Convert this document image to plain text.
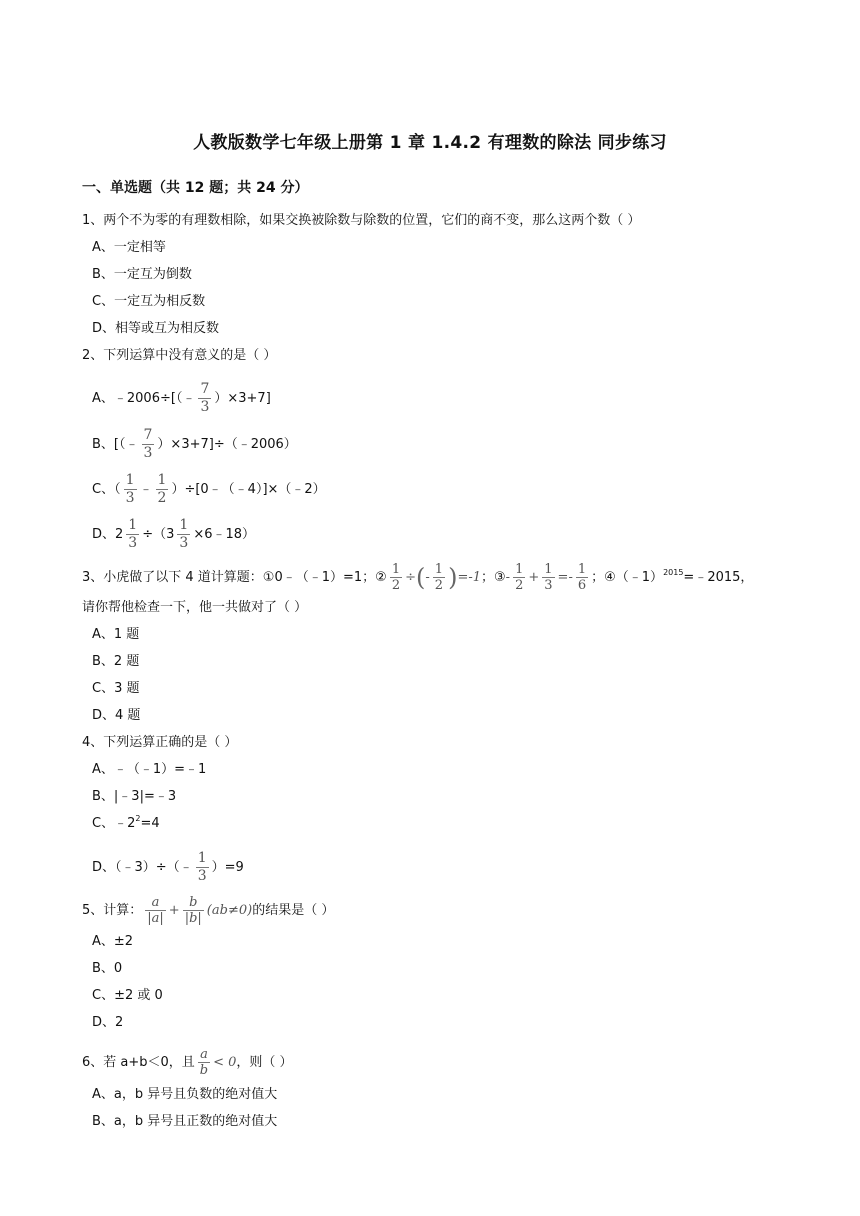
人教版数学七年级上册第 1 章 1.4.2 有理数的除法 同步练习
一、单选题（共 12 题；共 24 分）
1、两个不为零的有理数相除，如果交换被除数与除数的位置，它们的商不变，那么这两个数（ ）
A、一定相等
B、一定互为倒数
C、一定互为相反数
D、相等或互为相反数
2、下列运算中没有意义的是（ ）
A、﹣2006÷[（﹣ $\frac{7}{3} )\times 3+7$]
B、[（﹣ $\frac{7}{3}$ ）×3+7]÷（﹣2006）
C、（ $\frac{1}{3}$ ﹣ $\frac{1}{2}$ ）÷[0﹣（﹣4）]×（﹣2）
D、$2 \frac{1}{3} \div(3 \frac{1}{3}$ ×6﹣18）
3、小虎做了以下 4 道计算题：①0﹣（﹣1）=1；② $\frac{1}{2}$ ÷(- $\frac{1}{2} )=-1$；③- $\frac{1}{2} + \frac{1}{3} =- \frac{1}{6}$ ；④（﹣1）$^{2015}$=﹣2015，
请你帮他检查一下，他一共做对了（ ）
A、1 题
B、2 题
C、3 题
D、4 题
4、下列运算正确的是（ ）
A、﹣（﹣1）=﹣1
B、|﹣3|=﹣3
C、$﹣2^2=4$
D、（﹣3）÷（﹣ $\frac{1}{3} )=9$
5、计算： $\frac{a}{|a|} + \frac{b}{|b|} (ab\ne 0)$的结果是（ ）
A、±2
B、0
C、±2 或 0
D、2
6、若 a+b＜0，且 $\frac{a}{b} < 0$，则（ ）
A、a，b 异号且负数的绝对值大
B、a，b 异号且正数的绝对值大
